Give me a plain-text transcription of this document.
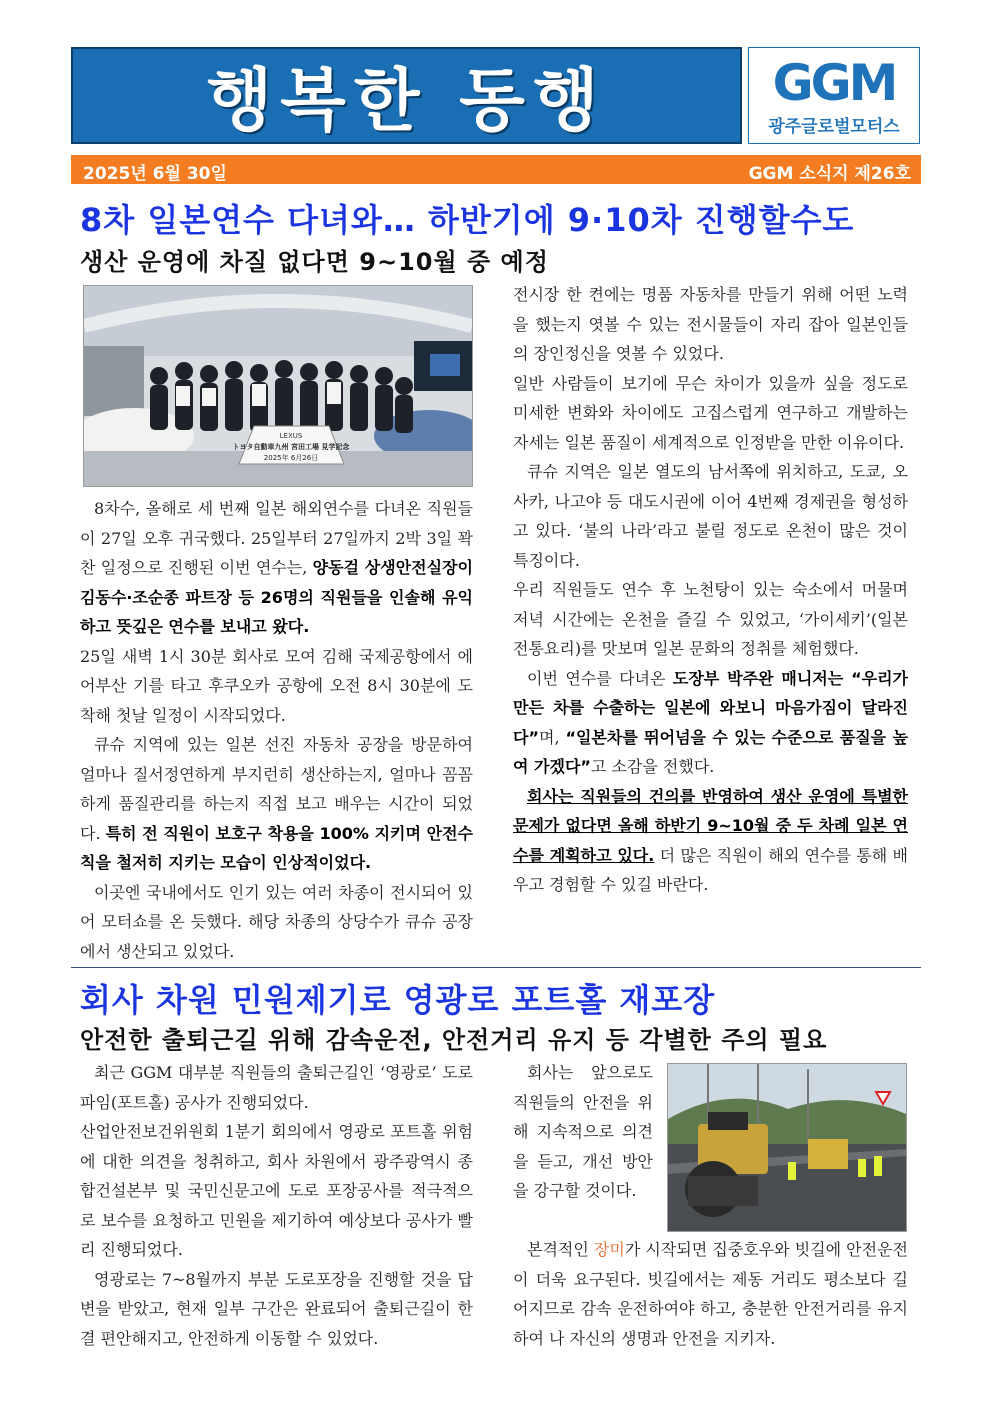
행복한 동행	GGM
광주글로벌모터스
2025년 6월 30일	GGM 소식지 제26호
8차 일본연수 다녀와… 하반기에 9·10차 진행할수도
생산 운영에 차질 없다면 9~10월 중 예정
LEXUS
トヨタ自動車九州 宮田工場 見学記念
2025年 6月26日

8차수, 올해로 세 번째 일본 해외연수를 다녀온 직원들이 27일 오후 귀국했다. 25일부터 27일까지 2박 3일 꽉 찬 일정으로 진행된 이번 연수는, 양동걸 상생안전실장이 김동수·조순종 파트장 등 26명의 직원들을 인솔해 유익하고 뜻깊은 연수를 보내고 왔다.

25일 새벽 1시 30분 회사로 모여 김해 국제공항에서 에어부산 기를 타고 후쿠오카 공항에 오전 8시 30분에 도착해 첫날 일정이 시작되었다.

큐슈 지역에 있는 일본 선진 자동차 공장을 방문하여 얼마나 질서정연하게 부지런히 생산하는지, 얼마나 꼼꼼하게 품질관리를 하는지 직접 보고 배우는 시간이 되었다. 특히 전 직원이 보호구 착용을 100% 지키며 안전수칙을 철저히 지키는 모습이 인상적이었다.

이곳엔 국내에서도 인기 있는 여러 차종이 전시되어 있어 모터쇼를 온 듯했다. 해당 차종의 상당수가 큐슈 공장에서 생산되고 있었다.

전시장 한 켠에는 명품 자동차를 만들기 위해 어떤 노력을 했는지 엿볼 수 있는 전시물들이 자리 잡아 일본인들의 장인정신을 엿볼 수 있었다.

일반 사람들이 보기에 무슨 차이가 있을까 싶을 정도로 미세한 변화와 차이에도 고집스럽게 연구하고 개발하는 자세는 일본 품질이 세계적으로 인정받을 만한 이유이다.

큐슈 지역은 일본 열도의 남서쪽에 위치하고, 도쿄, 오사카, 나고야 등 대도시권에 이어 4번째 경제권을 형성하고 있다. ‘불의 나라’라고 불릴 정도로 온천이 많은 것이 특징이다.

우리 직원들도 연수 후 노천탕이 있는 숙소에서 머물며 저녁 시간에는 온천을 즐길 수 있었고, ‘가이세키’(일본 전통요리)를 맛보며 일본 문화의 정취를 체험했다.

이번 연수를 다녀온 도장부 박주완 매니저는 “우리가 만든 차를 수출하는 일본에 와보니 마음가짐이 달라진다”며, “일본차를 뛰어넘을 수 있는 수준으로 품질을 높여 가겠다”고 소감을 전했다.

회사는 직원들의 건의를 반영하여 생산 운영에 특별한 문제가 없다면 올해 하반기 9~10월 중 두 차례 일본 연수를 계획하고 있다. 더 많은 직원이 해외 연수를 통해 배우고 경험할 수 있길 바란다.

회사 차원 민원제기로 영광로 포트홀 재포장
안전한 출퇴근길 위해 감속운전, 안전거리 유지 등 각별한 주의 필요

최근 GGM 대부분 직원들의 출퇴근길인 ‘영광로’ 도로파임(포트홀) 공사가 진행되었다.

산업안전보건위원회 1분기 회의에서 영광로 포트홀 위험에 대한 의견을 청취하고, 회사 차원에서 광주광역시 종합건설본부 및 국민신문고에 도로 포장공사를 적극적으로 보수를 요청하고 민원을 제기하여 예상보다 공사가 빨리 진행되었다.

영광로는 7~8월까지 부분 도로포장을 진행할 것을 답변을 받았고, 현재 일부 구간은 완료되어 출퇴근길이 한결 편안해지고, 안전하게 이동할 수 있었다.

회사는 앞으로도 직원들의 안전을 위해 지속적으로 의견을 듣고, 개선 방안을 강구할 것이다.

본격적인 장미가 시작되면 집중호우와 빗길에 안전운전이 더욱 요구된다. 빗길에서는 제동 거리도 평소보다 길어지므로 감속 운전하여야 하고, 충분한 안전거리를 유지하여 나 자신의 생명과 안전을 지키자.
